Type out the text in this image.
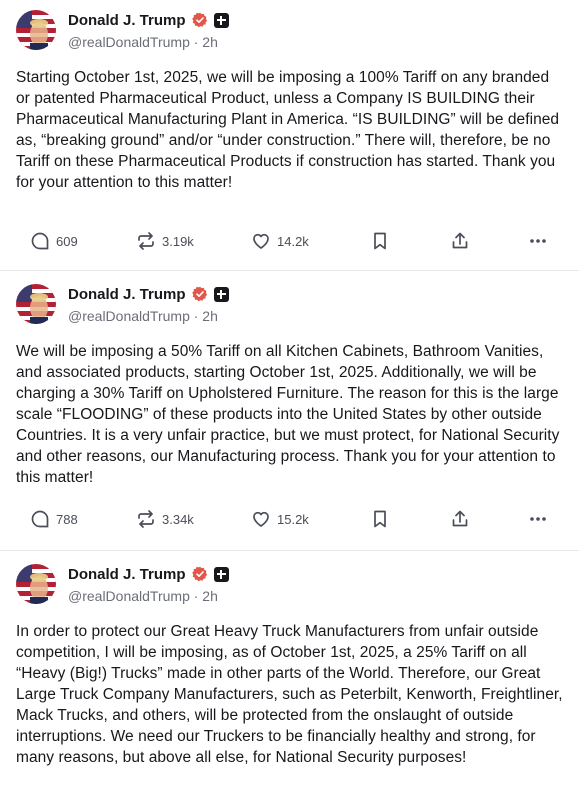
Donald J. Trump
@realDonaldTrump · 2h

Starting October 1st, 2025, we will be imposing a 100% Tariff on any branded or patented Pharmaceutical Product, unless a Company IS BUILDING their Pharmaceutical Manufacturing Plant in America. “IS BUILDING” will be defined as, “breaking ground” and/or “under construction.” There will, therefore, be no Tariff on these Pharmaceutical Products if construction has started. Thank you for your attention to this matter!

609	3.19k	14.2k
Donald J. Trump
@realDonaldTrump · 2h

We will be imposing a 50% Tariff on all Kitchen Cabinets, Bathroom Vanities, and associated products, starting October 1st, 2025. Additionally, we will be charging a 30% Tariff on Upholstered Furniture. The reason for this is the large scale “FLOODING” of these products into the United States by other outside Countries. It is a very unfair practice, but we must protect, for National Security and other reasons, our Manufacturing process. Thank you for your attention to this matter!

788	3.34k	15.2k
Donald J. Trump
@realDonaldTrump · 2h

In order to protect our Great Heavy Truck Manufacturers from unfair outside competition, I will be imposing, as of October 1st, 2025, a 25% Tariff on all “Heavy (Big!) Trucks” made in other parts of the World. Therefore, our Great Large Truck Company Manufacturers, such as Peterbilt, Kenworth, Freightliner, Mack Trucks, and others, will be protected from the onslaught of outside interruptions. We need our Truckers to be financially healthy and strong, for many reasons, but above all else, for National Security purposes!
